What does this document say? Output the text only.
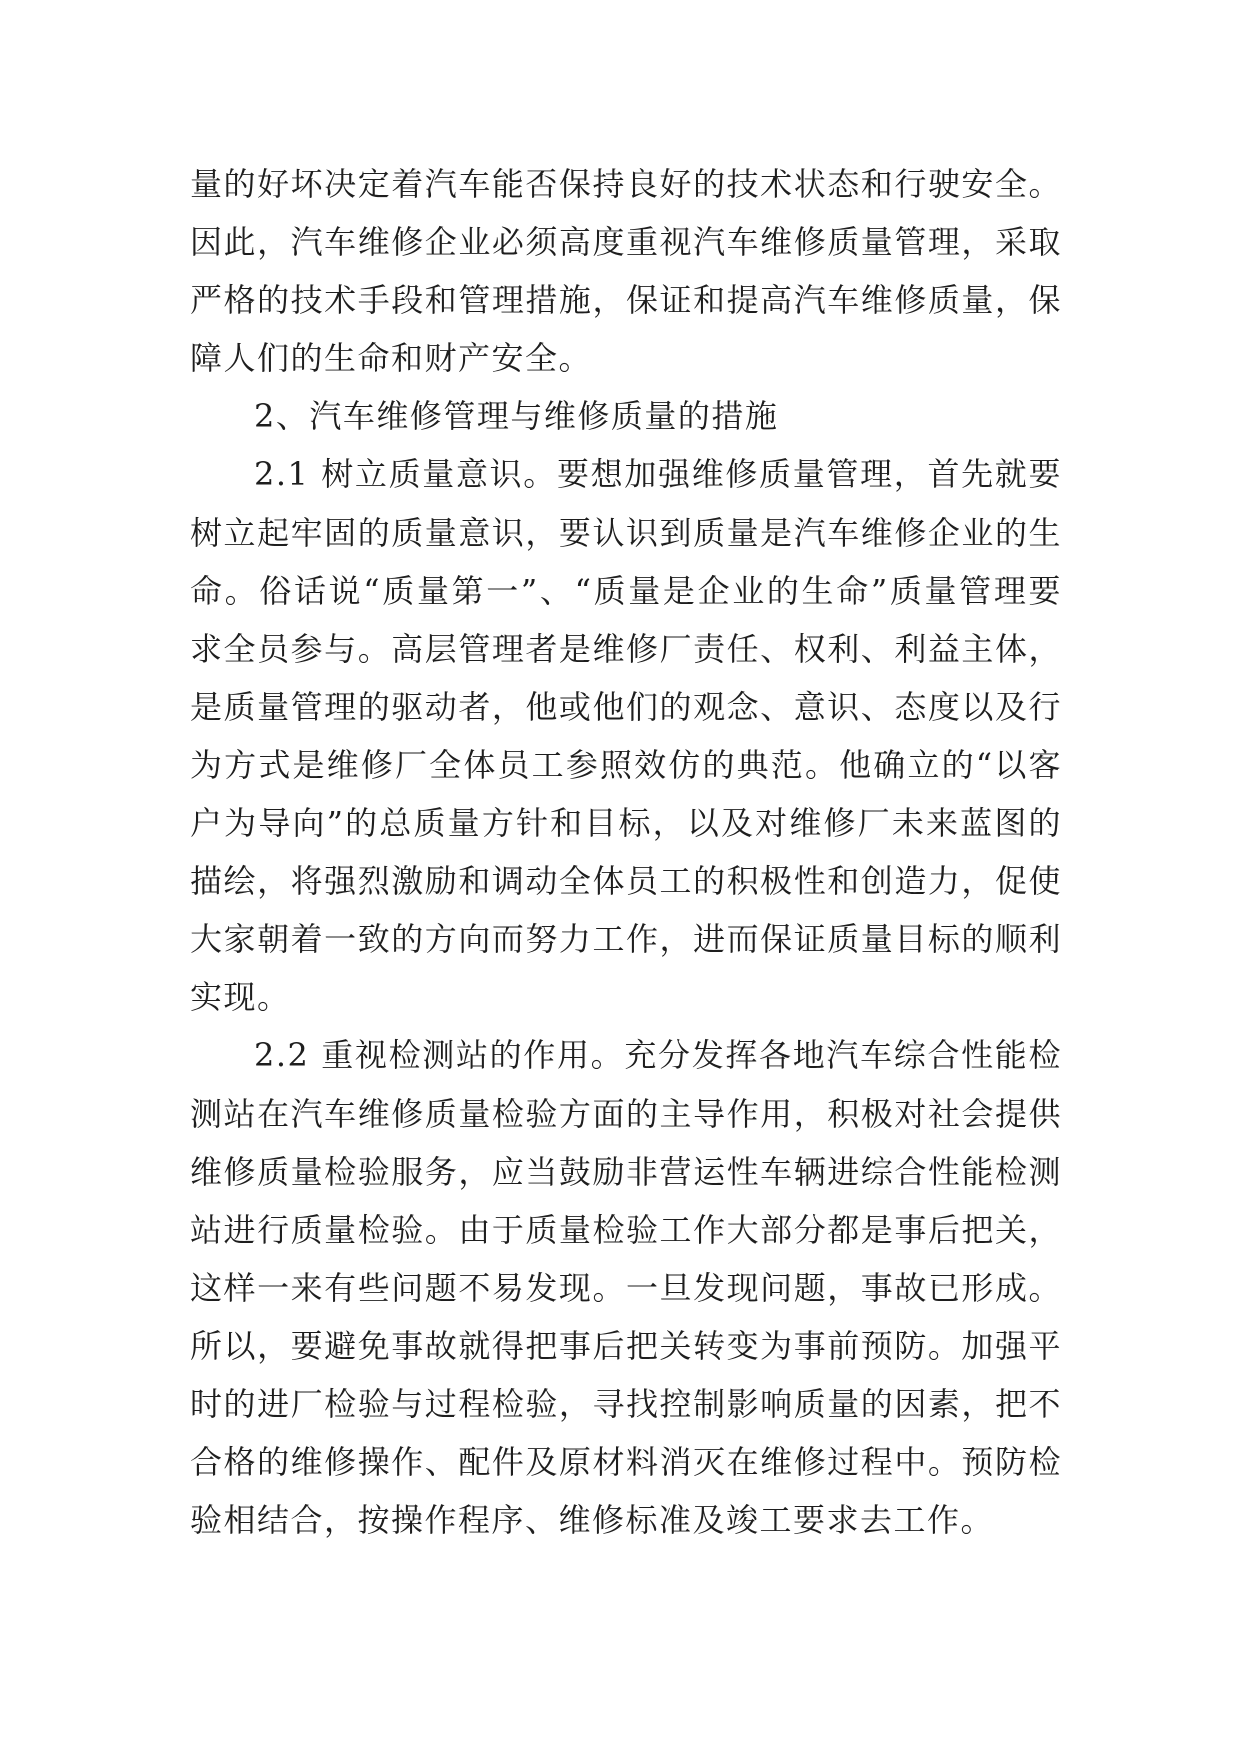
量的好坏决定着汽车能否保持良好的技术状态和行驶安全。因此，汽车维修企业必须高度重视汽车维修质量管理，采取严格的技术手段和管理措施，保证和提高汽车维修质量，保障人们的生命和财产安全。

2、汽车维修管理与维修质量的措施

2.1 树立质量意识。要想加强维修质量管理，首先就要树立起牢固的质量意识，要认识到质量是汽车维修企业的生命。俗话说“质量第一”、“质量是企业的生命”质量管理要求全员参与。高层管理者是维修厂责任、权利、利益主体，是质量管理的驱动者，他或他们的观念、意识、态度以及行为方式是维修厂全体员工参照效仿的典范。他确立的“以客户为导向”的总质量方针和目标，以及对维修厂未来蓝图的描绘，将强烈激励和调动全体员工的积极性和创造力，促使大家朝着一致的方向而努力工作，进而保证质量目标的顺利实现。

2.2 重视检测站的作用。充分发挥各地汽车综合性能检测站在汽车维修质量检验方面的主导作用，积极对社会提供维修质量检验服务，应当鼓励非营运性车辆进综合性能检测站进行质量检验。由于质量检验工作大部分都是事后把关，这样一来有些问题不易发现。一旦发现问题，事故已形成。所以，要避免事故就得把事后把关转变为事前预防。加强平时的进厂检验与过程检验，寻找控制影响质量的因素，把不合格的维修操作、配件及原材料消灭在维修过程中。预防检验相结合，按操作程序、维修标准及竣工要求去工作。
